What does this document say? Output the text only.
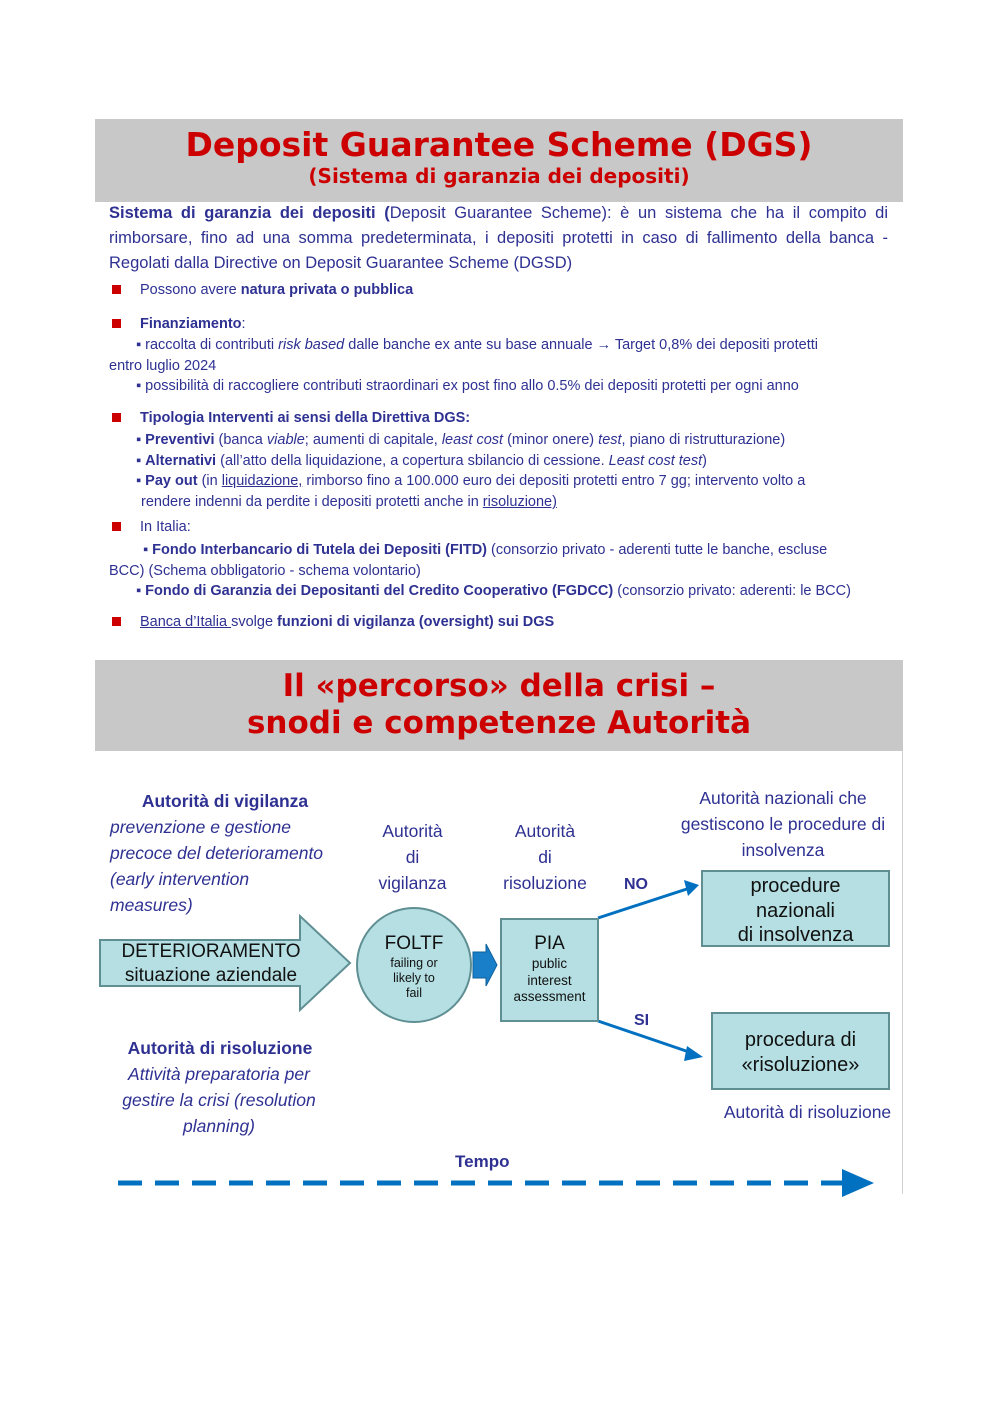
Deposit Guarantee Scheme (DGS)
(Sistema di garanzia dei depositi)
Sistema di garanzia dei depositi (Deposit Guarantee Scheme): è un sistema che ha il compito di rimborsare, fino ad una somma predeterminata, i depositi protetti in caso di fallimento della banca - Regolati dalla Directive on Deposit Guarantee Scheme (DGSD)
Possono avere natura privata o pubblica
Finanziamento:
▪ raccolta di contributi risk based dalle banche ex ante su base annuale → Target 0,8% dei depositi protetti
entro luglio 2024
▪ possibilità di raccogliere contributi straordinari ex post fino allo 0.5% dei depositi protetti per ogni anno
Tipologia Interventi ai sensi della Direttiva DGS:
▪ Preventivi (banca viable; aumenti di capitale, least cost (minor onere) test, piano di ristrutturazione)
▪ Alternativi (all’atto della liquidazione, a copertura sbilancio di cessione. Least cost test)
▪ Pay out (in liquidazione, rimborso fino a 100.000 euro dei depositi protetti entro 7 gg; intervento volto a
rendere indenni da perdite i depositi protetti anche in risoluzione)
In Italia:
▪ Fondo Interbancario di Tutela dei Depositi (FITD) (consorzio privato - aderenti tutte le banche, escluse
BCC) (Schema obbligatorio - schema volontario)
▪ Fondo di Garanzia dei Depositanti del Credito Cooperativo (FGDCC) (consorzio privato: aderenti: le BCC)
Banca d’Italia svolge funzioni di vigilanza (oversight) sui DGS
Il «percorso» della crisi –
snodi e competenze Autorità
Autorità di vigilanza
prevenzione e gestione
precoce del deterioramento
(early intervention
measures)
Autorità
di
vigilanza
Autorità
di
risoluzione
Autorità nazionali che
gestiscono le procedure di
insolvenza
DETERIORAMENTO
situazione aziendale
FOLTF
failing or
likely to
fail
PIA
public
interest
assessment
NO
SI
procedure
nazionali
di insolvenza
procedura di
«risoluzione»
Autorità di risoluzione
Autorità di risoluzione
Attività preparatoria per
gestire la crisi (resolution
planning)
Tempo
